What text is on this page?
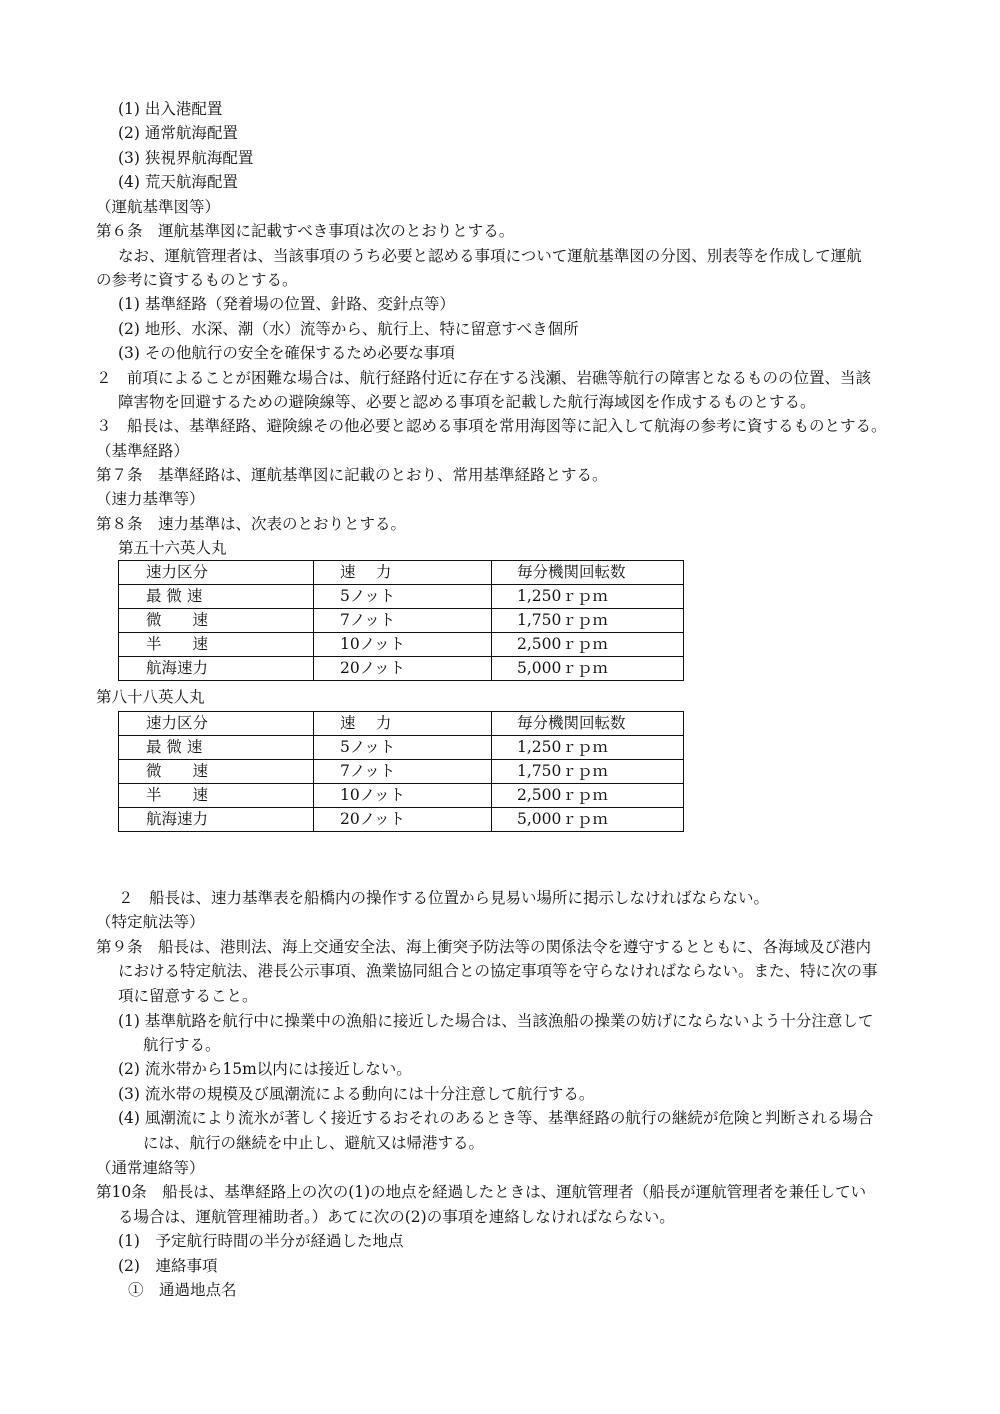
(1) 出入港配置
(2) 通常航海配置
(3) 狭視界航海配置
(4) 荒天航海配置
（運航基準図等）
第６条　運航基準図に記載すべき事項は次のとおりとする。
なお、運航管理者は、当該事項のうち必要と認める事項について運航基準図の分図、別表等を作成して運航
の参考に資するものとする。
(1) 基準経路（発着場の位置、針路、変針点等）
(2) 地形、水深、潮（水）流等から、航行上、特に留意すべき個所
(3) その他航行の安全を確保するため必要な事項
２　前項によることが困難な場合は、航行経路付近に存在する浅瀬、岩礁等航行の障害となるものの位置、当該
障害物を回避するための避険線等、必要と認める事項を記載した航行海域図を作成するものとする。
３　船長は、基準経路、避険線その他必要と認める事項を常用海図等に記入して航海の参考に資するものとする。
（基準経路）
第７条　基準経路は、運航基準図に記載のとおり、常用基準経路とする。
（速力基準等）
第８条　速力基準は、次表のとおりとする。
第五十六英人丸
速力区分	速　 力	毎分機関回転数
最 微 速	5ノット	1,250ｒｐｍ
微　　速	7ノット	1,750ｒｐｍ
半　　速	10ノット	2,500ｒｐｍ
航海速力	20ノット	5,000ｒｐｍ
第八十八英人丸
速力区分	速　 力	毎分機関回転数
最 微 速	5ノット	1,250ｒｐｍ
微　　速	7ノット	1,750ｒｐｍ
半　　速	10ノット	2,500ｒｐｍ
航海速力	20ノット	5,000ｒｐｍ
２　船長は、速力基準表を船橋内の操作する位置から見易い場所に掲示しなければならない。
（特定航法等）
第９条　船長は、港則法、海上交通安全法、海上衝突予防法等の関係法令を遵守するとともに、各海域及び港内
における特定航法、港長公示事項、漁業協同組合との協定事項等を守らなければならない。また、特に次の事
項に留意すること。
(1) 基準航路を航行中に操業中の漁船に接近した場合は、当該漁船の操業の妨げにならないよう十分注意して
航行する。
(2) 流氷帯から15m以内には接近しない。
(3) 流氷帯の規模及び風潮流による動向には十分注意して航行する。
(4) 風潮流により流氷が著しく接近するおそれのあるとき等、基準経路の航行の継続が危険と判断される場合
には、航行の継続を中止し、避航又は帰港する。
（通常連絡等）
第10条　船長は、基準経路上の次の(1)の地点を経過したときは、運航管理者（船長が運航管理者を兼任してい
る場合は、運航管理補助者。）あてに次の(2)の事項を連絡しなければならない。
(1)　予定航行時間の半分が経過した地点
(2)　連絡事項
①　通過地点名
